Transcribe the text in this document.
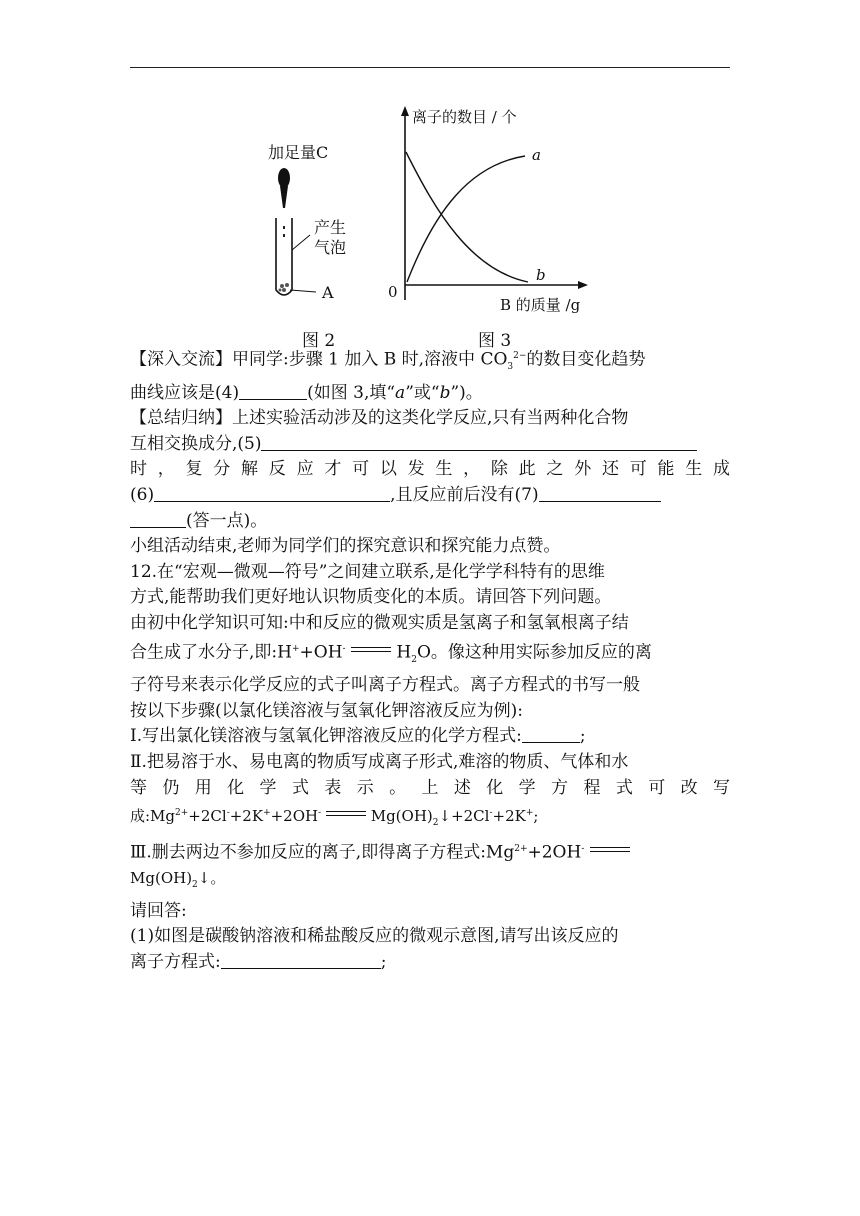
加足量C
产生
气泡
A
图 2
离子的数目 / 个
B 的质量 /g
0
a
b
图 3
【深入交流】甲同学:步骤 1 加入 B 时,溶液中 $CO_3^{2-}$的数目变化趋势
曲线应该是(4)	(如图 3,填“a”或“b”)。
【总结归纳】上述实验活动涉及的这类化学反应,只有当两种化合物
互相交换成分,(5)
时，复分解反应才可以发生，除此之外还可能生成
(6)	,且反应前后没有(7)
(答一点)。
小组活动结束,老师为同学们的探究意识和探究能力点赞。
12.在“宏观—微观—符号”之间建立联系,是化学学科特有的思维
方式,能帮助我们更好地认识物质变化的本质。请回答下列问题。
由初中化学知识可知:中和反应的微观实质是氢离子和氢氧根离子结
合生成了水分子,即:H++OH-	$H_2O$。像这种用实际参加反应的离
子符号来表示化学反应的式子叫离子方程式。离子方程式的书写一般
按以下步骤(以氯化镁溶液与氢氧化钾溶液反应为例):
Ⅰ.写出氯化镁溶液与氢氧化钾溶液反应的化学方程式:	;
Ⅱ.把易溶于水、易电离的物质写成离子形式,难溶的物质、气体和水
等仍用化学式表示。上述化学方程式可改写
成$:Mg^{2+}+2Cl^-+2K^++2OH^-$	$Mg(OH)_2↓+2Cl^-+2K^+$;
Ⅲ.删去两边不参加反应的离子,即得离子方程式$:Mg^{2+}+2OH^-$
$Mg(OH)_2↓$。
请回答:
(1)如图是碳酸钠溶液和稀盐酸反应的微观示意图,请写出该反应的
离子方程式:	;
